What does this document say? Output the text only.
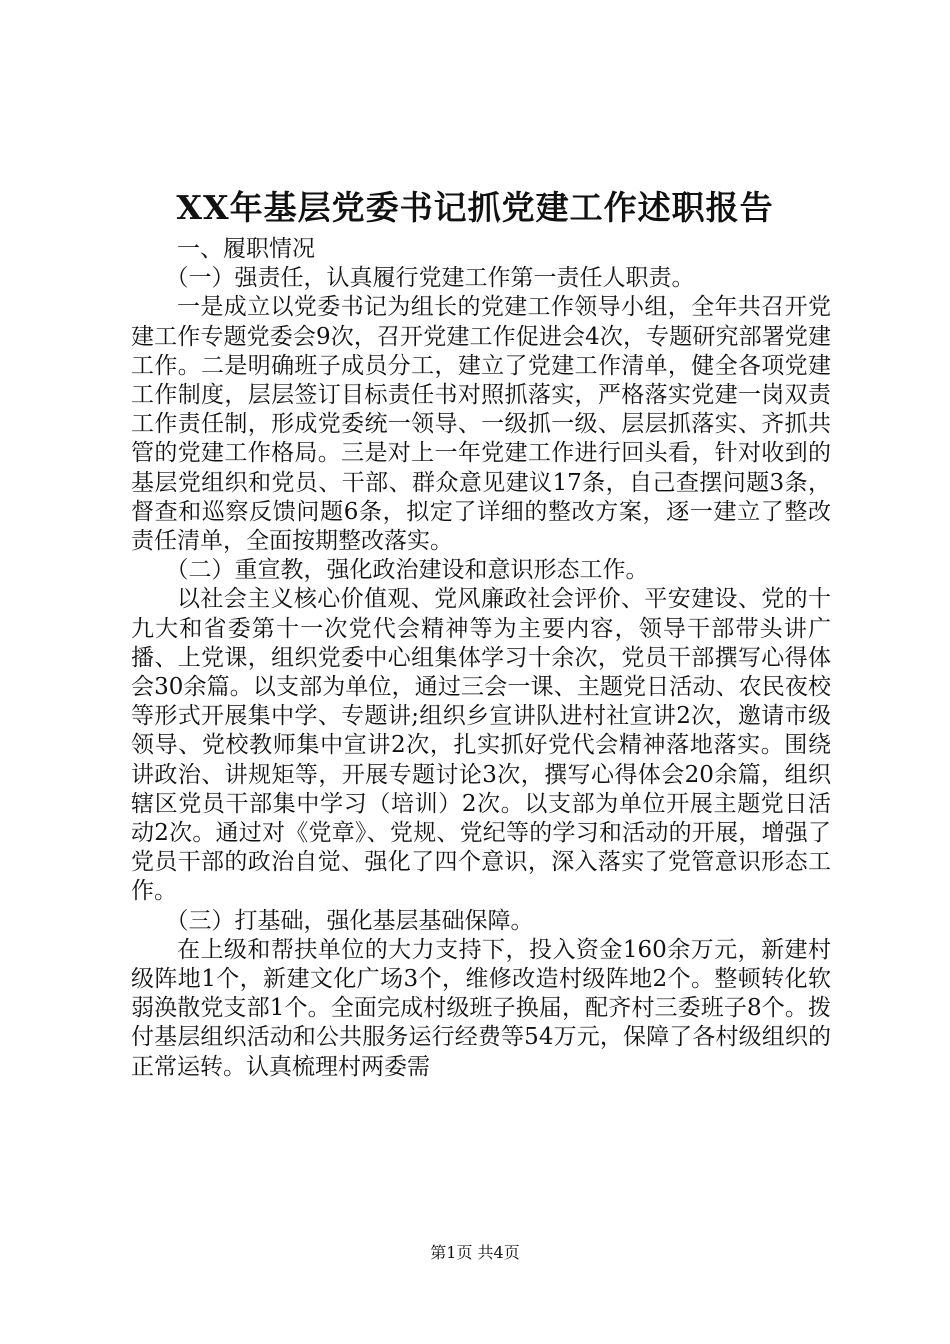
XX年基层党委书记抓党建工作述职报告

一、履职情况

（一）强责任，认真履行党建工作第一责任人职责。

一是成立以党委书记为组长的党建工作领导小组，全年共召开党建工作专题党委会9次，召开党建工作促进会4次，专题研究部署党建工作。二是明确班子成员分工，建立了党建工作清单，健全各项党建工作制度，层层签订目标责任书对照抓落实，严格落实党建一岗双责工作责任制，形成党委统一领导、一级抓一级、层层抓落实、齐抓共管的党建工作格局。三是对上一年党建工作进行回头看，针对收到的基层党组织和党员、干部、群众意见建议17条，自己查摆问题3条，督查和巡察反馈问题6条，拟定了详细的整改方案，逐一建立了整改责任清单，全面按期整改落实。

（二）重宣教，强化政治建设和意识形态工作。

以社会主义核心价值观、党风廉政社会评价、平安建设、党的十九大和省委第十一次党代会精神等为主要内容，领导干部带头讲广播、上党课，组织党委中心组集体学习十余次，党员干部撰写心得体会30余篇。以支部为单位，通过三会一课、主题党日活动、农民夜校等形式开展集中学、专题讲;组织乡宣讲队进村社宣讲2次，邀请市级领导、党校教师集中宣讲2次，扎实抓好党代会精神落地落实。围绕讲政治、讲规矩等，开展专题讨论3次，撰写心得体会20余篇，组织辖区党员干部集中学习（培训）2次。以支部为单位开展主题党日活动2次。通过对《党章》、党规、党纪等的学习和活动的开展，增强了党员干部的政治自觉、强化了四个意识，深入落实了党管意识形态工作。

（三）打基础，强化基层基础保障。

在上级和帮扶单位的大力支持下，投入资金160余万元，新建村级阵地1个，新建文化广场3个，维修改造村级阵地2个。整顿转化软弱涣散党支部1个。全面完成村级班子换届，配齐村三委班子8个。拨付基层组织活动和公共服务运行经费等54万元，保障了各村级组织的正常运转。认真梳理村两委需

第1页 共4页
